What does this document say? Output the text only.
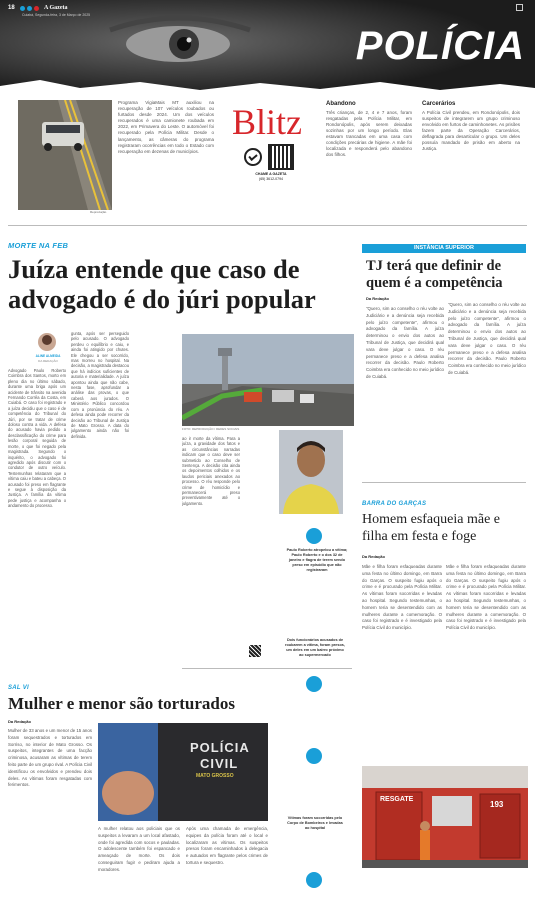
18	A Gazeta
Cuiabá, Segunda-feira, 3 de Março de 2025
POLÍCIA
Reprodução
Programa VigiaMais MT auxiliou na recuperação de 107 veículos roubados ou furtados desde 2024. Um dos veículos recuperados é uma camionete roubada em 2022, em Primavera do Leste. O automóvel foi recuperado pela Polícia Militar. Desde o lançamento, as câmeras do programa registraram ocorrências em todo o Estado com recuperação em dezenas de municípios.
Blitz
CHAME A GAZETA
(65) 3612-0794
Abandono
Três crianças, de 2, 4 e 7 anos, foram resgatadas pela Polícia Militar, em Rondonópolis, após serem deixadas sozinhas por um longo período. Elas estavam trancadas em uma casa com condições precárias de higiene. A mãe foi localizada e responderá pelo abandono dos filhos.
Carcerários
A Polícia Civil prendeu, em Rondonópolis, dois suspeitos de integrarem um grupo criminoso envolvido em furtos de caminhonetes. As prisões fazem parte da Operação Carcerários, deflagrada para desarticular o grupo. Um deles possuía mandado de prisão em aberto na Justiça.
MORTE NA FEB
Juíza entende que caso de
advogado é do júri popular
ALINE ALMEIDA
DA REDAÇÃO
Advogado Paulo Roberto Coimbra dos Santos, morto em pleno dia no último sábado, durante uma briga após um acidente de trânsito na avenida Fernando Corrêa da Costa, em Cuiabá. O caso foi registrado e a juíza decidiu que o caso é de competência do Tribunal do Júri, por se tratar de crime doloso contra a vida. A defesa do acusado havia pedido a desclassificação do crime para lesão corporal seguida de morte, o que foi negado pela magistrada. Segundo o inquérito, o advogado foi agredido após discutir com o condutor de outro veículo. Testemunhas relataram que a vítima caiu e bateu a cabeça. O acusado foi preso em flagrante e segue à disposição da Justiça. A família da vítima pede justiça e acompanha o andamento do processo.
gunta, após ser perseguido pelo acusado. O advogado perdeu o equilíbrio e caiu, e ainda foi atingido por chutes. Ele chegou a ser socorrido, mas morreu no hospital. Na decisão, a magistrada destacou que há indícios suficientes de autoria e materialidade. A juíza apontou ainda que não cabe, nesta fase, aprofundar a análise das provas, o que caberá aos jurados. O Ministério Público concordou com a pronúncia do réu. A defesa ainda pode recorrer da decisão ao Tribunal de Justiça de Mato Grosso. A data do julgamento ainda não foi definida.
FOTO: REPRODUÇÃO / REDES SOCIAIS
ao ir morte da vítima. Para a juíza, a gravidade dos fatos e as circunstâncias narradas indicam que o caso deve ser submetido ao Conselho de Sentença. A decisão cita ainda os depoimentos colhidos e os laudos periciais anexados ao processo. O réu responde pelo crime de homicídio e permanecerá preso preventivamente até o julgamento.
Paulo Roberto atropelou a vítima; Paulo Roberto e o dos 32 de janeiro e flagra de terem sendo preso em episódio que não registraram
INSTÂNCIA SUPERIOR
TJ terá que definir de quem é a competência
Da Redação
"Quero, sim ao conselho o réu volte ao Judiciário e a denúncia seja recebida pelo juízo competente", afirmou o advogado da família. A juíza determinou o envio dos autos ao Tribunal de Justiça, que decidirá qual vara deve julgar o caso. O réu permanece preso e a defesa analisa recorrer da decisão. Paulo Roberto Coimbra era conhecido no meio jurídico de Cuiabá.
"Quero, sim ao conselho o réu volte ao Judiciário e a denúncia seja recebida pelo juízo competente", afirmou o advogado da família. A juíza determinou o envio dos autos ao Tribunal de Justiça, que decidirá qual vara deve julgar o caso. O réu permanece preso e a defesa analisa recorrer da decisão. Paulo Roberto Coimbra era conhecido no meio jurídico de Cuiabá.
BARRA DO GARÇAS
Homem esfaqueia mãe e filha em festa e foge
Da Redação
Mãe e filha foram esfaqueadas durante uma festa no último domingo, em Barra do Garças. O suspeito fugiu após o crime e é procurado pela Polícia Militar. As vítimas foram socorridas e levadas ao hospital. Segundo testemunhas, o homem teria se desentendido com as mulheres durante a comemoração. O caso foi registrado e é investigado pela Polícia Civil do município.
Mãe e filha foram esfaqueadas durante uma festa no último domingo, em Barra do Garças. O suspeito fugiu após o crime e é procurado pela Polícia Militar. As vítimas foram socorridas e levadas ao hospital. Segundo testemunhas, o homem teria se desentendido com as mulheres durante a comemoração. O caso foi registrado e é investigado pela Polícia Civil do município.
Dois funcionários acusados de roubarem a vítima, foram presos, um deles em um bairro próximo ao supermercado
Vítimas foram socorridas pelo Corpo de Bombeiros e levadas ao hospital
SAL VI
Mulher e menor são torturados
Da Redação
Mulher de 33 anos e um menor de 15 anos foram sequestrados e torturados em Sorriso, no interior de Mato Grosso. Os suspeitos, integrantes de uma facção criminosa, acusaram as vítimas de terem feito parte de um grupo rival. A Polícia Civil identificou os envolvidos e prendeu dois deles. As vítimas foram resgatadas com ferimentos.
POLÍCIA
CIVIL
MATO GROSSO
A mulher relatou aos policiais que os suspeitos a levaram a um local afastado, onde foi agredida com socos e pauladas. O adolescente também foi espancado e ameaçado de morte. Os dois conseguiram fugir e pediram ajuda a moradores.
Após uma chamada de emergência, equipes da polícia foram até o local e localizaram as vítimas. Os suspeitos presos foram encaminhados à delegacia e autuados em flagrante pelos crimes de tortura e sequestro.
RESGATE
193
